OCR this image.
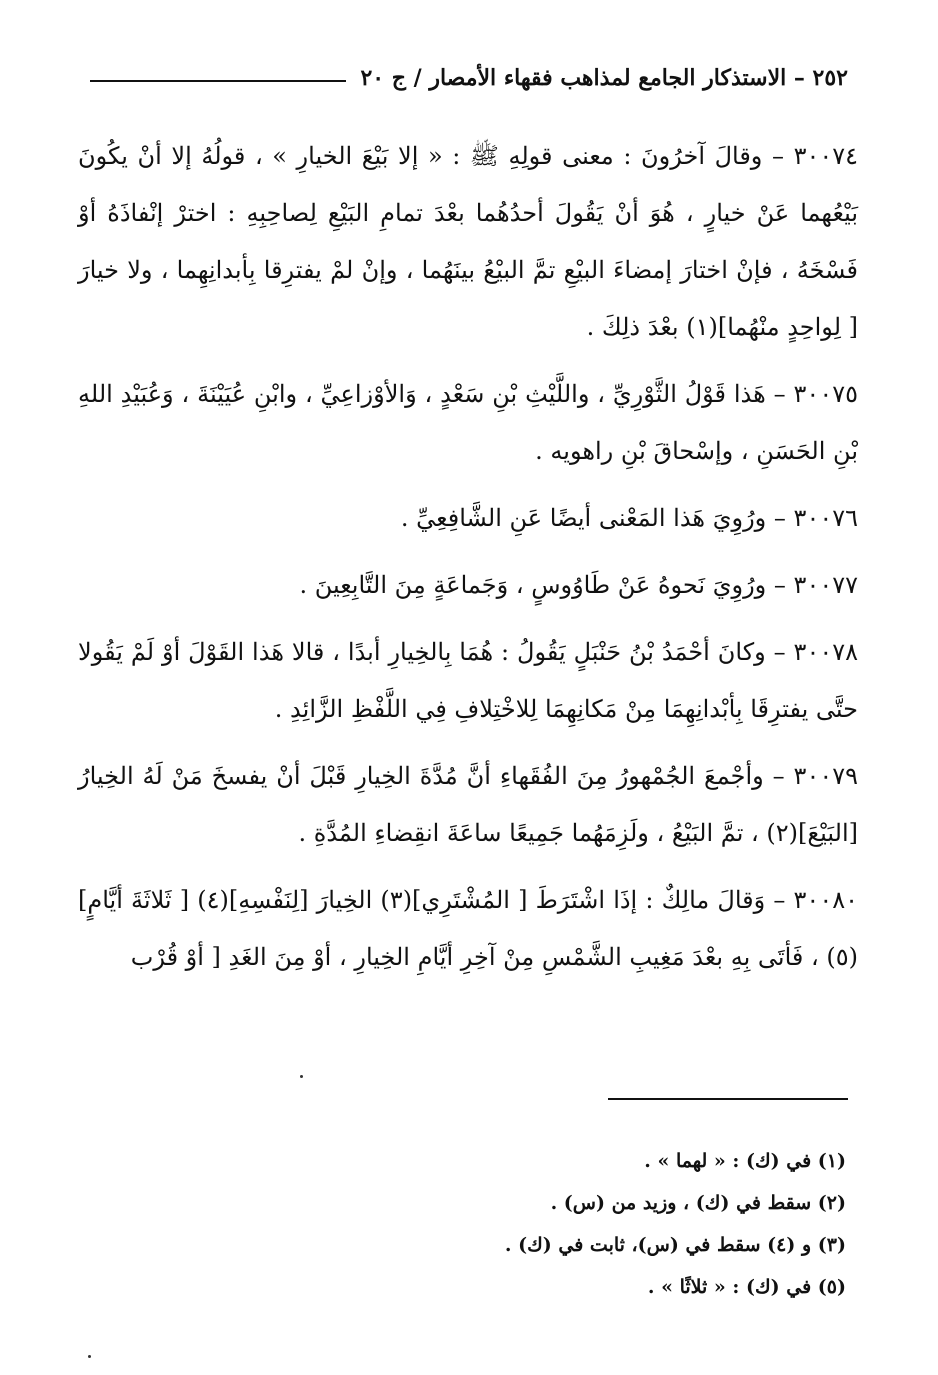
٢٥٢ – الاستذكار الجامع لمذاهب فقهاء الأمصار / ج ٢٠

٣٠٠٧٤ – وقالَ آخرُونَ : معنى قولِهِ ﷺ : « إلا بَيْعَ الخيارِ » ، قولُهُ إلا أنْ يكُونَ بَيْعُهما عَنْ خيارٍ ، هُوَ أنْ يَقُولَ أحدُهُما بعْدَ تمامِ البَيْعِ لِصاحِبِهِ : اخترْ إنْفاذَهُ أوْ فَسْخَهُ ، فإنْ اختارَ إمضاءَ البيْعِ تمَّ البيْعُ بينَهُما ، وإنْ لمْ يفترِقا بِأبدانِهِما ، ولا خيارَ [ لِواحِدٍ منْهُما](١) بعْدَ ذلِكَ .

٣٠٠٧٥ – هَذا قَوْلُ الثَّوْرِيِّ ، واللَّيْثِ بْنِ سَعْدٍ ، وَالأوْزاعِيِّ ، وابْنِ عُيَيْنَةَ ، وَعُبَيْدِ اللهِ بْنِ الحَسَنِ ، وإسْحاقَ بْنِ راهويه .

٣٠٠٧٦ – ورُوِيَ هَذا المَعْنى أيضًا عَنِ الشَّافِعِيِّ .

٣٠٠٧٧ – ورُوِيَ نَحوهُ عَنْ طَاوُوسٍ ، وَجَماعَةٍ مِنَ التَّابِعِينَ .

٣٠٠٧٨ – وكانَ أحْمَدُ بْنُ حَنْبَلٍ يَقُولُ : هُمَا بِالخِيارِ أبدًا ، قالا هَذا القَوْلَ أوْ لَمْ يَقُولا حتَّى يفترِقَا بِأبْدانِهِمَا مِنْ مَكانِهِمَا لِلاخْتِلافِ فِي اللَّفْظِ الزَّائِدِ .

٣٠٠٧٩ – وأجْمعَ الجُمْهورُ مِنَ الفُقَهاءِ أنَّ مُدَّةَ الخِيارِ قَبْلَ أنْ يفسخَ مَنْ لَهُ الخِيارُ [البَيْعَ](٢) ، تمَّ البَيْعُ ، ولَزِمَهُما جَمِيعًا ساعَةَ انقِضاءِ المُدَّةِ .

٣٠٠٨٠ – وَقالَ مالِكٌ : إذَا اشْتَرَطَ [ المُشْتَرِي](٣) الخِيارَ [لِنَفْسِهِ](٤) [ ثَلاثَةَ أيَّامٍ](٥) ، فَأتَى بِهِ بعْدَ مَغِيبِ الشَّمْسِ مِنْ آخِرِ أيَّامِ الخِيارِ ، أوْ مِنَ الغَدِ [ أوْ قُرْب

(١) في (ك) : « لهما » .
(٢) سقط في (ك) ، وزيد من (س) .
(٣) و (٤) سقط في (س)، ثابت في (ك) .
(٥) في (ك) : « ثلاثًا » .
